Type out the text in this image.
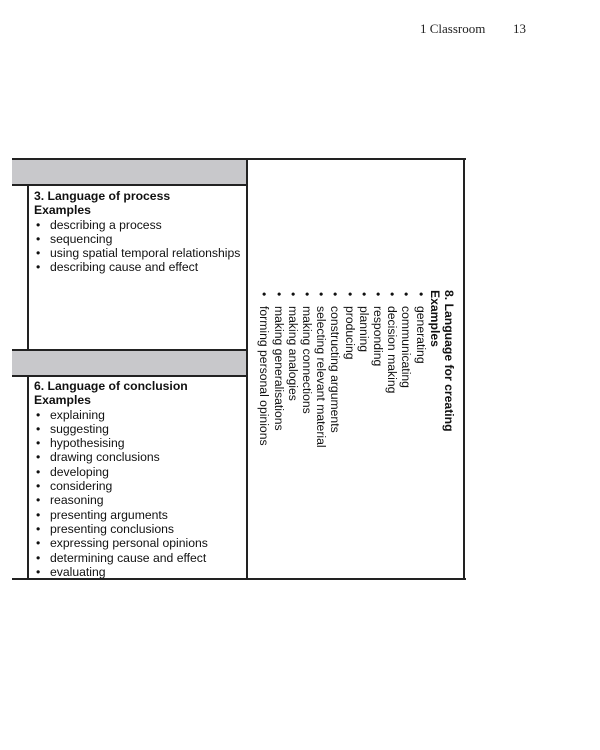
1 Classroom 13
3. Language of process
Examples
• describing a process
• sequencing
• using spatial temporal relationships
• describing cause and effect
6. Language of conclusion
Examples
• explaining
• suggesting
• hypothesising
• drawing conclusions
• developing
• considering
• reasoning
• presenting arguments
• presenting conclusions
• expressing personal opinions
• determining cause and effect
• evaluating
8. Language for creating
Examples
• generating
• communicating
• decision making
• responding
• planning
• producing
• constructing arguments
• selecting relevant material
• making connections
• making analogies
• making generalisations
• forming personal opinions
